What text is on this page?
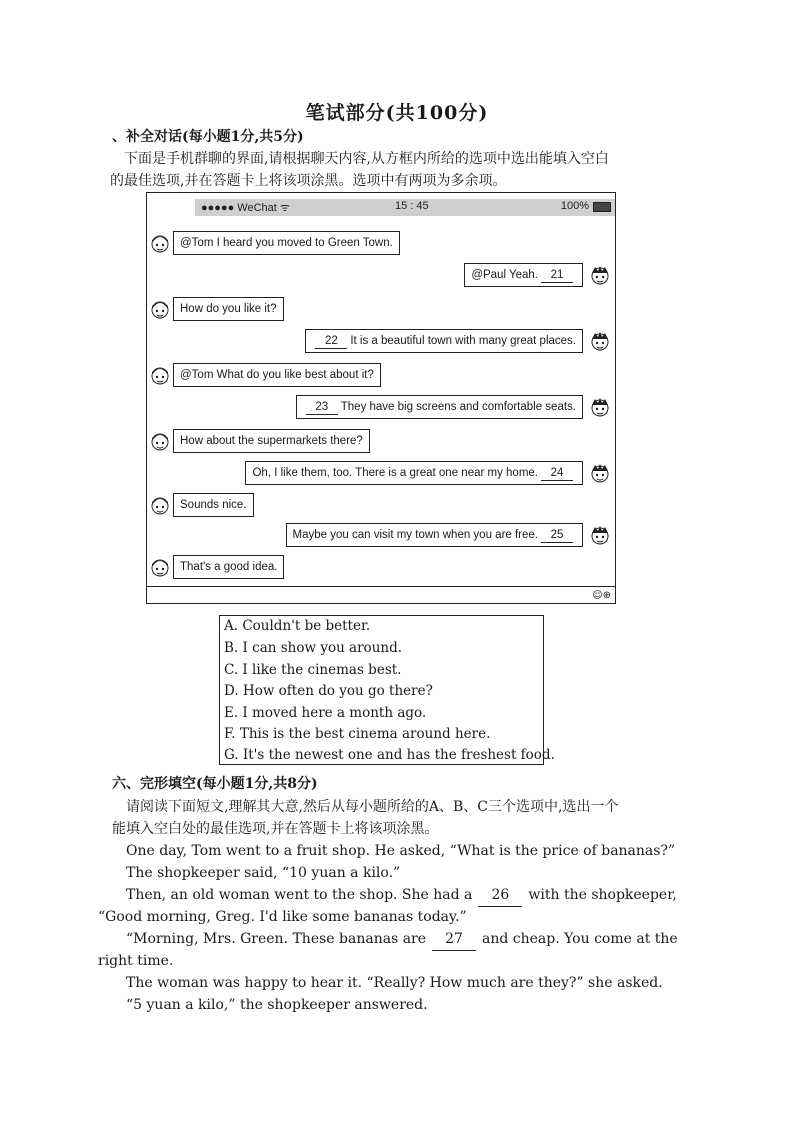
笔试部分(共100分)
、补全对话(每小题1分,共5分)
下面是手机群聊的界面,请根据聊天内容,从方框内所给的选项中选出能填入空白
的最佳选项,并在答题卡上将该项涂黑。选项中有两项为多余项。
●●●●● WeChat ᯤ	15 : 45	100%
@Tom I heard you moved to Green Town.
@Paul Yeah. 21
How do you like it?
22 It is a beautiful town with many great places.
@Tom What do you like best about it?
23 They have big screens and comfortable seats.
How about the supermarkets there?
Oh, I like them, too. There is a great one near my home. 24
Sounds nice.
Maybe you can visit my town when you are free. 25
That's a good idea.
☺⊕
A. Couldn't be better.
B. I can show you around.
C. I like the cinemas best.
D. How often do you go there?
E. I moved here a month ago.
F. This is the best cinema around here.
G. It's the newest one and has the freshest food.
六、完形填空(每小题1分,共8分)
请阅读下面短文,理解其大意,然后从每小题所给的A、B、C三个选项中,选出一个
能填入空白处的最佳选项,并在答题卡上将该项涂黑。
One day, Tom went to a fruit shop. He asked, “What is the price of bananas?”
The shopkeeper said, “10 yuan a kilo.”
Then, an old woman went to the shop. She had a 26 with the shopkeeper,
“Good morning, Greg. I'd like some bananas today.”
“Morning, Mrs. Green. These bananas are 27 and cheap. You come at the
right time.
The woman was happy to hear it. “Really? How much are they?” she asked.
“5 yuan a kilo,” the shopkeeper answered.
